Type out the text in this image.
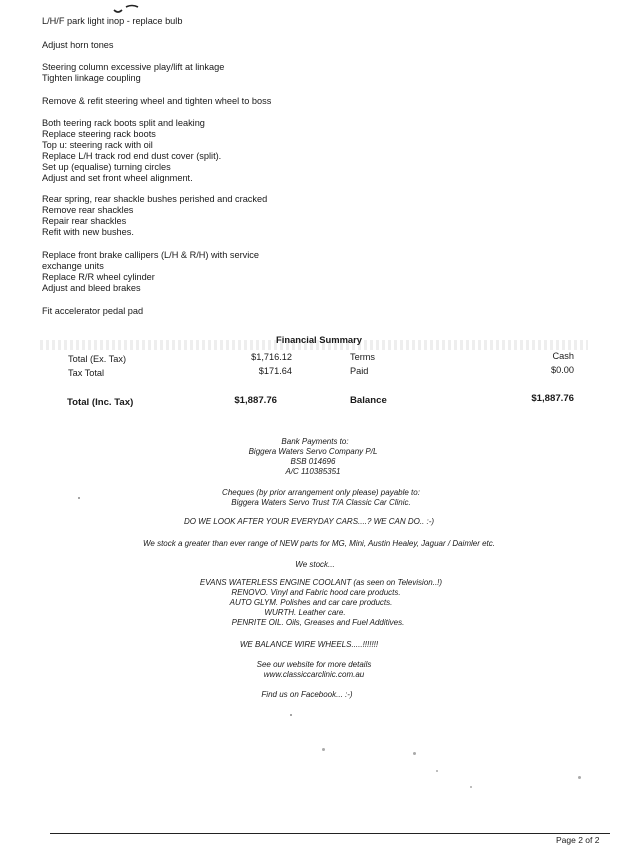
L/H/F park light inop - replace bulb
Adjust horn tones
Steering column excessive play/lift at linkage
Tighten linkage coupling
Remove & refit steering wheel and tighten wheel to boss
Both teering rack boots split and leaking
Replace steering rack boots
Top u: steering rack with oil
Replace L/H track rod end dust cover (split).
Set up (equalise) turning circles
Adjust and set front wheel alignment.
Rear spring, rear shackle bushes perished and cracked
Remove rear shackles
Repair rear shackles
Refit with new bushes.
Replace front brake callipers (L/H & R/H) with service
exchange units
Replace R/R wheel cylinder
Adjust and bleed brakes
Fit accelerator pedal pad
Financial Summary
Total (Ex. Tax)	$1,716.12	Terms	Cash
Tax Total	$171.64	Paid	$0.00
Total (Inc. Tax)	$1,887.76	Balance	$1,887.76
Bank Payments to:
Biggera Waters Servo Company P/L
BSB 014696
A/C 110385351
Cheques (by prior arrangement only please) payable to:
Biggera Waters Servo Trust T/A Classic Car Clinic.
DO WE LOOK AFTER YOUR EVERYDAY CARS....? WE CAN DO.. :-)
We stock a greater than ever range of NEW parts for MG, Mini, Austin Healey, Jaguar / Daimler etc.
We stock...
EVANS WATERLESS ENGINE COOLANT (as seen on Television..!)
RENOVO. Vinyl and Fabric hood care products.
AUTO GLYM. Polishes and car care products.
WURTH. Leather care.
PENRITE OIL. Oils, Greases and Fuel Additives.
WE BALANCE WIRE WHEELS.....!!!!!!!
See our website for more details
www.classiccarclinic.com.au
Find us on Facebook... :-)
Page 2 of 2
